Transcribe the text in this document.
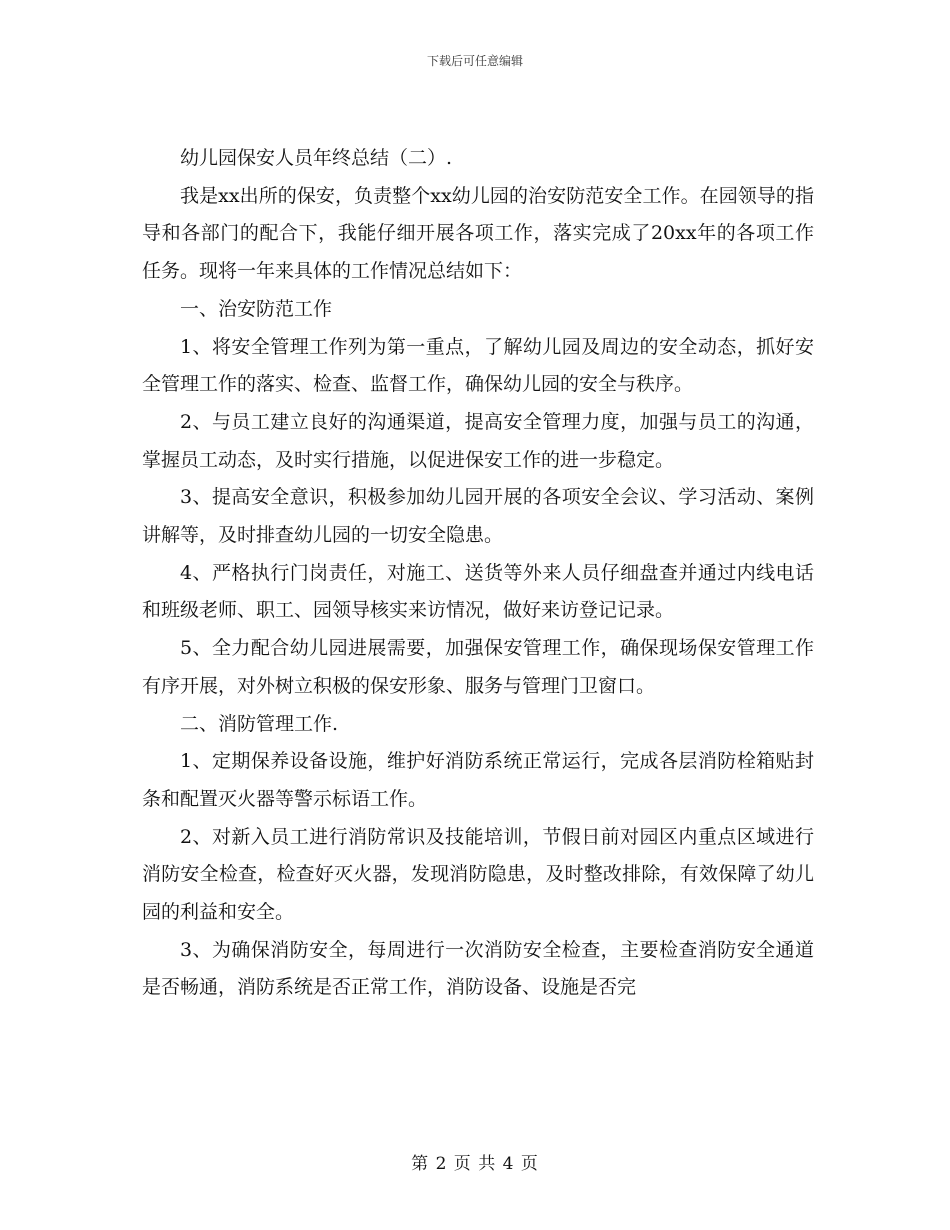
下载后可任意编辑

幼儿园保安人员年终总结（二）.

我是xx出所的保安，负责整个xx幼儿园的治安防范安全工作。在园领导的指导和各部门的配合下，我能仔细开展各项工作，落实完成了20xx年的各项工作任务。现将一年来具体的工作情况总结如下：

一、治安防范工作

1、将安全管理工作列为第一重点，了解幼儿园及周边的安全动态，抓好安全管理工作的落实、检查、监督工作，确保幼儿园的安全与秩序。

2、与员工建立良好的沟通渠道，提高安全管理力度，加强与员工的沟通，掌握员工动态，及时实行措施，以促进保安工作的进一步稳定。

3、提高安全意识，积极参加幼儿园开展的各项安全会议、学习活动、案例讲解等，及时排查幼儿园的一切安全隐患。

4、严格执行门岗责任，对施工、送货等外来人员仔细盘查并通过内线电话和班级老师、职工、园领导核实来访情况，做好来访登记记录。

5、全力配合幼儿园进展需要，加强保安管理工作，确保现场保安管理工作有序开展，对外树立积极的保安形象、服务与管理门卫窗口。

二、消防管理工作.

1、定期保养设备设施，维护好消防系统正常运行，完成各层消防栓箱贴封条和配置灭火器等警示标语工作。

2、对新入员工进行消防常识及技能培训，节假日前对园区内重点区域进行消防安全检查，检查好灭火器，发现消防隐患，及时整改排除，有效保障了幼儿园的利益和安全。

3、为确保消防安全，每周进行一次消防安全检查，主要检查消防安全通道是否畅通，消防系统是否正常工作，消防设备、设施是否完

第 2 页 共 4 页
